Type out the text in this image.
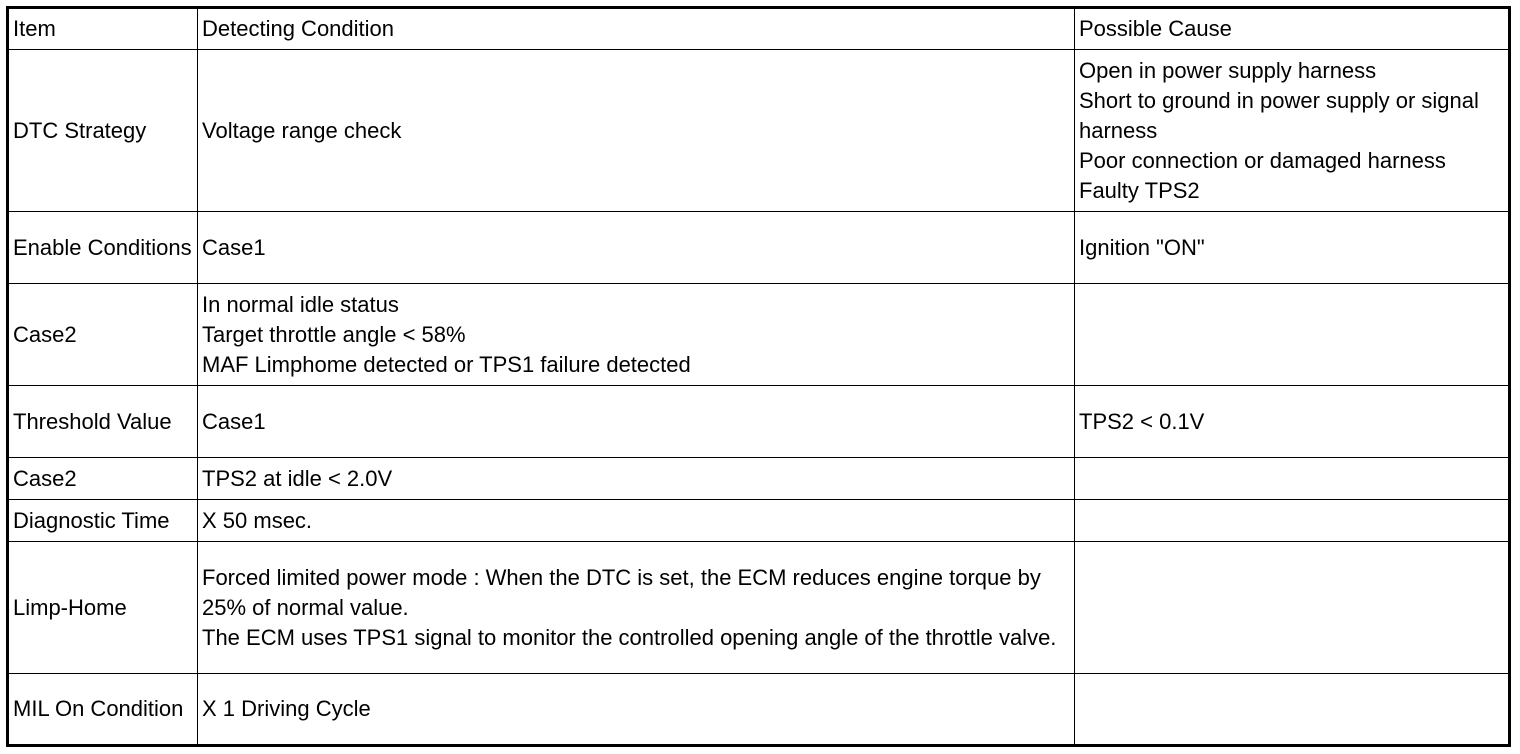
Item	Detecting Condition	Possible Cause
DTC Strategy	Voltage range check	Open in power supply harness
Short to ground in power supply or signal harness
Poor connection or damaged harness
Faulty TPS2
Enable Conditions	Case1	Ignition "ON"
Case2	In normal idle status
Target throttle angle < 58%
MAF Limphome detected or TPS1 failure detected	
Threshold Value	Case1	TPS2 < 0.1V
Case2	TPS2 at idle < 2.0V	
Diagnostic Time	X 50 msec.	
Limp-Home	Forced limited power mode : When the DTC is set, the ECM reduces engine torque by 25% of normal value.
The ECM uses TPS1 signal to monitor the controlled opening angle of the throttle valve.	
MIL On Condition	X 1 Driving Cycle	
